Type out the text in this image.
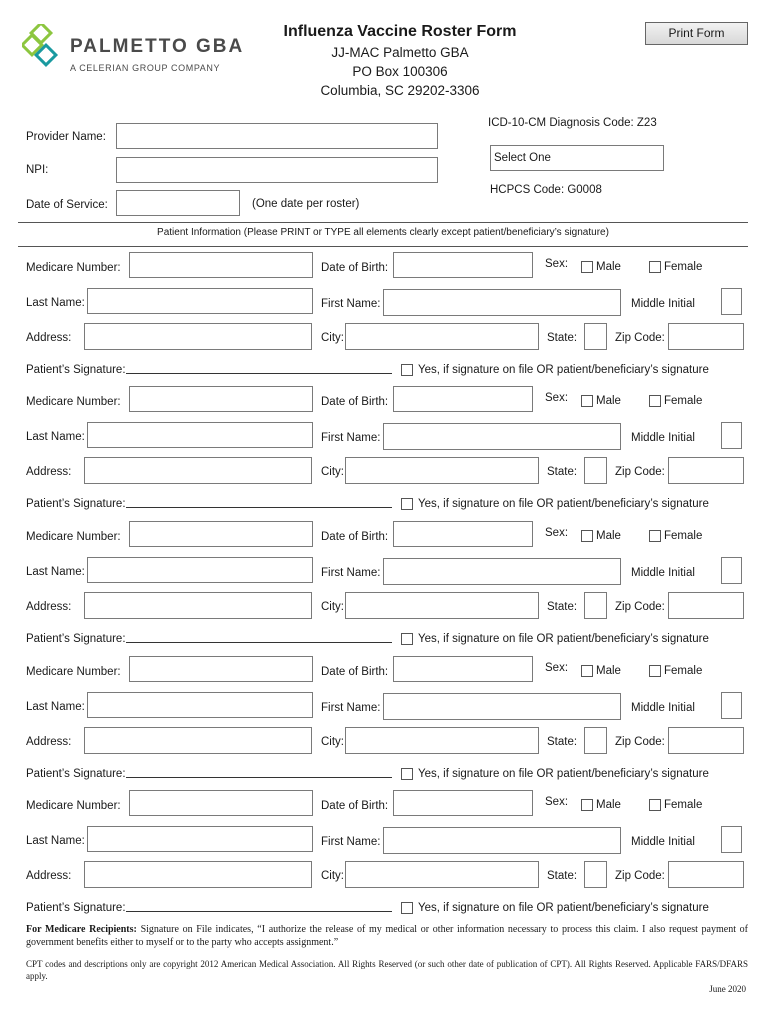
PALMETTO GBA
A CELERIAN GROUP COMPANY
Influenza Vaccine Roster Form
JJ-MAC Palmetto GBA
PO Box 100306
Columbia, SC 29202-3306
Print Form
Provider Name:
NPI:
Date of Service:	(One date per roster)
ICD-10-CM Diagnosis Code: Z23
Select One
HCPCS Code: G0008
Patient Information (Please PRINT or TYPE all elements clearly except patient/beneficiary’s signature)
Medicare Number:	Date of Birth:	Sex: Male	Female
Last Name:	First Name:	Middle Initial
Address:	City:	State:	Zip Code:
Patient’s Signature:	Yes, if signature on file OR patient/beneficiary’s signature
Medicare Number:	Date of Birth:	Sex: Male	Female
Last Name:	First Name:	Middle Initial
Address:	City:	State:	Zip Code:
Patient’s Signature:	Yes, if signature on file OR patient/beneficiary’s signature
Medicare Number:	Date of Birth:	Sex: Male	Female
Last Name:	First Name:	Middle Initial
Address:	City:	State:	Zip Code:
Patient’s Signature:	Yes, if signature on file OR patient/beneficiary’s signature
Medicare Number:	Date of Birth:	Sex: Male	Female
Last Name:	First Name:	Middle Initial
Address:	City:	State:	Zip Code:
Patient’s Signature:	Yes, if signature on file OR patient/beneficiary’s signature
Medicare Number:	Date of Birth:	Sex: Male	Female
Last Name:	First Name:	Middle Initial
Address:	City:	State:	Zip Code:
Patient’s Signature:	Yes, if signature on file OR patient/beneficiary’s signature
For Medicare Recipients: Signature on File indicates, “I authorize the release of my medical or other information necessary to process this claim. I also request payment of government benefits either to myself or to the party who accepts assignment.”
CPT codes and descriptions only are copyright 2012 American Medical Association. All Rights Reserved (or such other date of publication of CPT). All Rights Reserved. Applicable FARS/DFARS apply.
June 2020
